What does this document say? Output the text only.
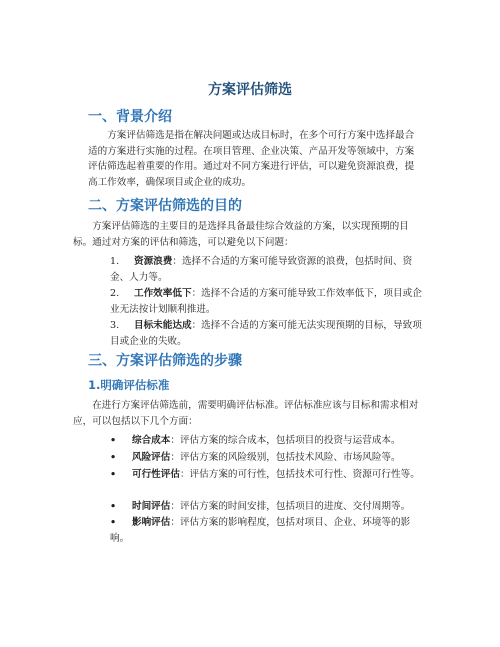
方案评估筛选
一、背景介绍

方案评估筛选是指在解决问题或达成目标时，在多个可行方案中选择最合适的方案进行实施的过程。在项目管理、企业决策、产品开发等领域中，方案评估筛选起着重要的作用。通过对不同方案进行评估，可以避免资源浪费，提高工作效率，确保项目或企业的成功。

二、方案评估筛选的目的

方案评估筛选的主要目的是选择具备最佳综合效益的方案，以实现预期的目标。通过对方案的评估和筛选，可以避免以下问题：

1. 资源浪费：选择不合适的方案可能导致资源的浪费，包括时间、资金、人力等。
2. 工作效率低下：选择不合适的方案可能导致工作效率低下，项目或企业无法按计划顺利推进。
3. 目标未能达成：选择不合适的方案可能无法实现预期的目标，导致项目或企业的失败。
三、方案评估筛选的步骤
1.明确评估标准

在进行方案评估筛选前，需要明确评估标准。评估标准应该与目标和需求相对应，可以包括以下几个方面：

• 综合成本：评估方案的综合成本，包括项目的投资与运营成本。
• 风险评估：评估方案的风险级别，包括技术风险、市场风险等。
• 可行性评估：评估方案的可行性，包括技术可行性、资源可行性等。
• 时间评估：评估方案的时间安排，包括项目的进度、交付周期等。
• 影响评估：评估方案的影响程度，包括对项目、企业、环境等的影响。
